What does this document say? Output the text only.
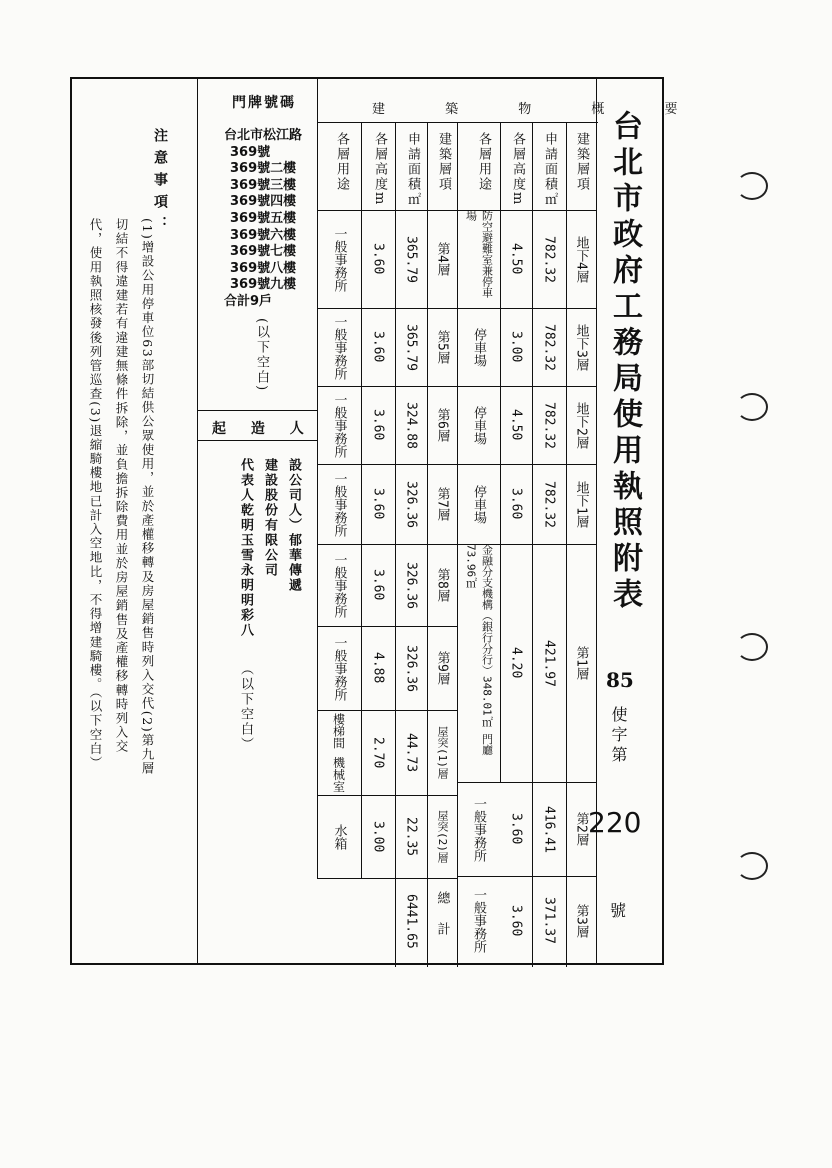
台北市政府工務局使用執照附表
85
使字第
220
號
門牌號碼	建 築 物 概 要
起 造 人
建築層項
申請面積㎡
各層高度m
各層用途
地下4層
782.32
4.50
防空避難室兼停車場
地下3層
782.32
3.00
停車場
地下2層
782.32
4.50
停車場
地下1層
782.32
3.60
停車場
第1層
421.97
4.20
金融分支機構（銀行分行）348.01㎡ 門廳73.96㎡
第2層
416.41
3.60
一般事務所
第3層
371.37
3.60
一般事務所
建築層項
申請面積㎡
各層高度m
各層用途
第4層
365.79
3.60
一般事務所
第5層
365.79
3.60
一般事務所
第6層
324.88
3.60
一般事務所
第7層
326.36
3.60
一般事務所
第8層
326.36
3.60
一般事務所
第9層
326.36
4.88
一般事務所
屋突(1)層
44.73
2.70
樓梯間 機械室
屋突(2)層
22.35
3.00
水箱
總計
6441.65
台北市松江路
369號
369號二樓
369號三樓
369號四樓
369號五樓
369號六樓
369號七樓
369號八樓
369號九樓
合計9戶
(以下空白)
設公司人）郁華傳遞
建設股份有限公司
代表人乾明玉雪永明明彩八
（以下空白）
注意事項：
(1)增設公用停車位63部切結供公眾使用，並於產權移轉及房屋銷售時列入交代(2)第九層
切結不得違建若有違建無條件拆除，並負擔拆除費用並於房屋銷售及產權移轉時列入交
代，使用執照核發後列管巡查(3)退縮騎樓地已計入空地比，不得增建騎樓。（以下空白）
